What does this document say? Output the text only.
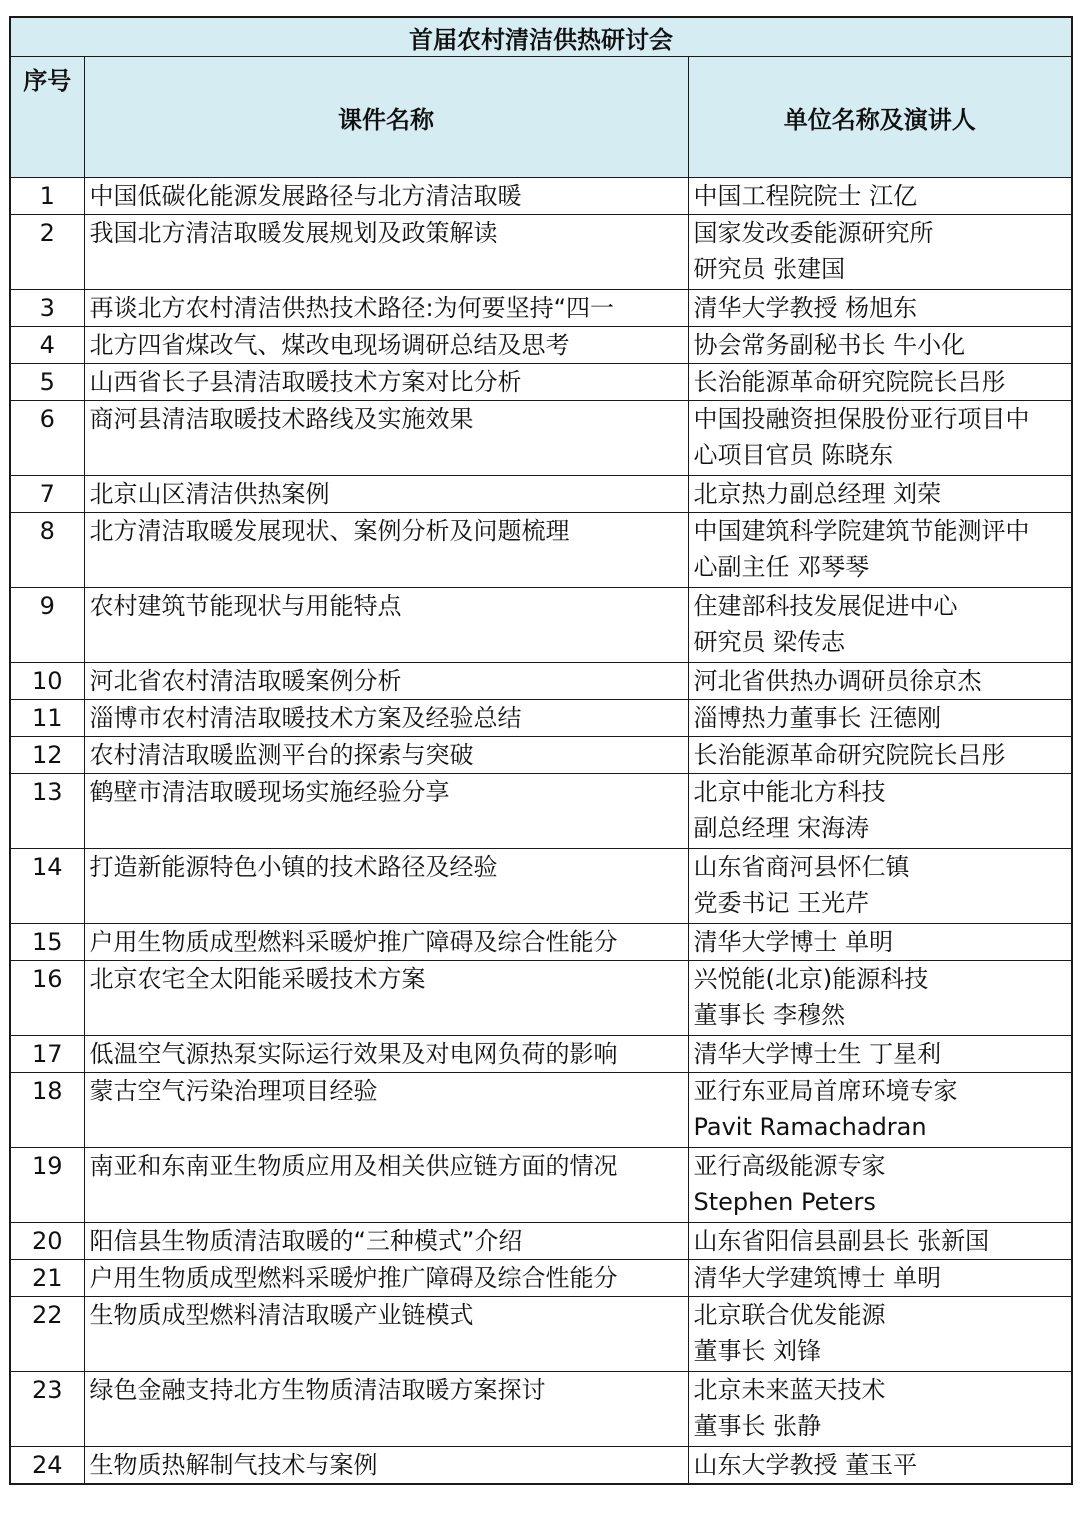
首届农村清洁供热研讨会		
序号	课件名称	单位名称及演讲人
1	中国低碳化能源发展路径与北方清洁取暖	中国工程院院士 江亿

2	我国北方清洁取暖发展规划及政策解读	国家发改委能源研究所
研究员 张建国

3	再谈北方农村清洁供热技术路径:为何要坚持“四一	清华大学教授 杨旭东

4	北方四省煤改气、煤改电现场调研总结及思考	协会常务副秘书长 牛小化

5	山西省长子县清洁取暖技术方案对比分析	长治能源革命研究院院长吕彤

6	商河县清洁取暖技术路线及实施效果	中国投融资担保股份亚行项目中
心项目官员 陈晓东

7	北京山区清洁供热案例	北京热力副总经理 刘荣

8	北方清洁取暖发展现状、案例分析及问题梳理	中国建筑科学院建筑节能测评中
心副主任 邓琴琴

9	农村建筑节能现状与用能特点	住建部科技发展促进中心
研究员 梁传志

10	河北省农村清洁取暖案例分析	河北省供热办调研员徐京杰

11	淄博市农村清洁取暖技术方案及经验总结	淄博热力董事长 汪德刚

12	农村清洁取暖监测平台的探索与突破	长治能源革命研究院院长吕彤

13	鹤壁市清洁取暖现场实施经验分享	北京中能北方科技
副总经理 宋海涛

14	打造新能源特色小镇的技术路径及经验	山东省商河县怀仁镇
党委书记 王光芹

15	户用生物质成型燃料采暖炉推广障碍及综合性能分	清华大学博士 单明

16	北京农宅全太阳能采暖技术方案	兴悦能(北京)能源科技
董事长 李穆然

17	低温空气源热泵实际运行效果及对电网负荷的影响	清华大学博士生 丁星利

18	蒙古空气污染治理项目经验	亚行东亚局首席环境专家
Pavit Ramachadran

19	南亚和东南亚生物质应用及相关供应链方面的情况	亚行高级能源专家
Stephen Peters

20	阳信县生物质清洁取暖的“三种模式”介绍	山东省阳信县副县长 张新国

21	户用生物质成型燃料采暖炉推广障碍及综合性能分	清华大学建筑博士 单明

22	生物质成型燃料清洁取暖产业链模式	北京联合优发能源
董事长 刘锋

23	绿色金融支持北方生物质清洁取暖方案探讨	北京未来蓝天技术
董事长 张静

24	生物质热解制气技术与案例	山东大学教授 董玉平
